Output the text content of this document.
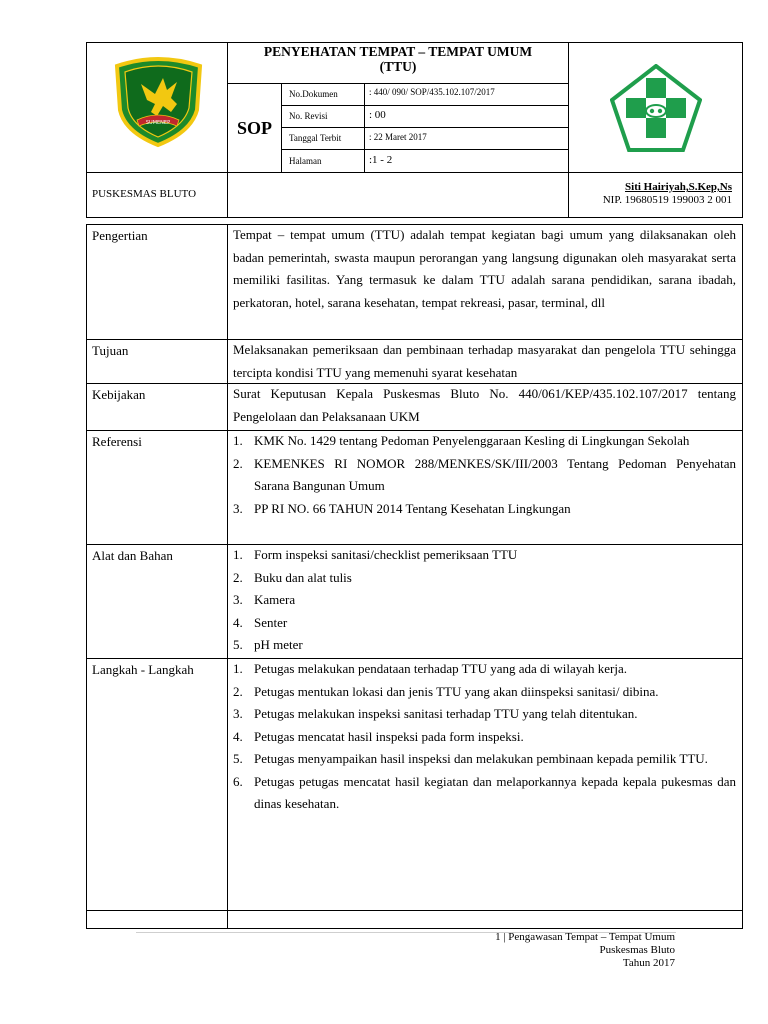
SUMENEP
PENYEHATAN TEMPAT – TEMPAT UMUM
(TTU)
SOP
No.Dokumen	: 440/ 090/ SOP/435.102.107/2017
No. Revisi	: 00
Tanggal Terbit	: 22 Maret 2017
Halaman	:1 - 2
PUSKESMAS BLUTO
Siti Hairiyah,S.Kep,Ns
NIP. 19680519 199003 2 001
Pengertian	Tempat – tempat umum (TTU) adalah tempat kegiatan bagi umum yang dilaksanakan oleh badan pemerintah, swasta maupun perorangan yang langsung digunakan oleh masyarakat serta memiliki fasilitas. Yang termasuk ke dalam TTU adalah sarana pendidikan, sarana ibadah, perkatoran, hotel, sarana kesehatan, tempat rekreasi, pasar, terminal, dll
Tujuan	Melaksanakan pemeriksaan dan pembinaan terhadap masyarakat dan pengelola TTU sehingga tercipta kondisi TTU yang memenuhi syarat kesehatan
Kebijakan	Surat Keputusan Kepala Puskesmas Bluto No. 440/061/KEP/435.102.107/2017 tentang Pengelolaan dan Pelaksanaan UKM
Referensi	1. KMK No. 1429 tentang Pedoman Penyelenggaraan Kesling di Lingkungan Sekolah
2. KEMENKES RI NOMOR 288/MENKES/SK/III/2003 Tentang Pedoman Penyehatan Sarana Bangunan Umum
3. PP RI NO. 66 TAHUN 2014 Tentang Kesehatan Lingkungan
Alat dan Bahan	1. Form inspeksi sanitasi/checklist pemeriksaan TTU
2. Buku dan alat tulis
3. Kamera
4. Senter
5. pH meter
Langkah - Langkah	1. Petugas melakukan pendataan terhadap TTU yang ada di wilayah kerja.
2. Petugas mentukan lokasi dan jenis TTU yang akan diinspeksi sanitasi/ dibina.
3. Petugas melakukan inspeksi sanitasi terhadap TTU yang telah ditentukan.
4. Petugas mencatat hasil inspeksi pada form inspeksi.
5. Petugas menyampaikan hasil inspeksi dan melakukan pembinaan kepada pemilik TTU.
6. Petugas petugas mencatat hasil kegiatan dan melaporkannya kepada kepala pukesmas dan dinas kesehatan.
1 | Pengawasan Tempat – Tempat Umum
Puskesmas Bluto
Tahun 2017
